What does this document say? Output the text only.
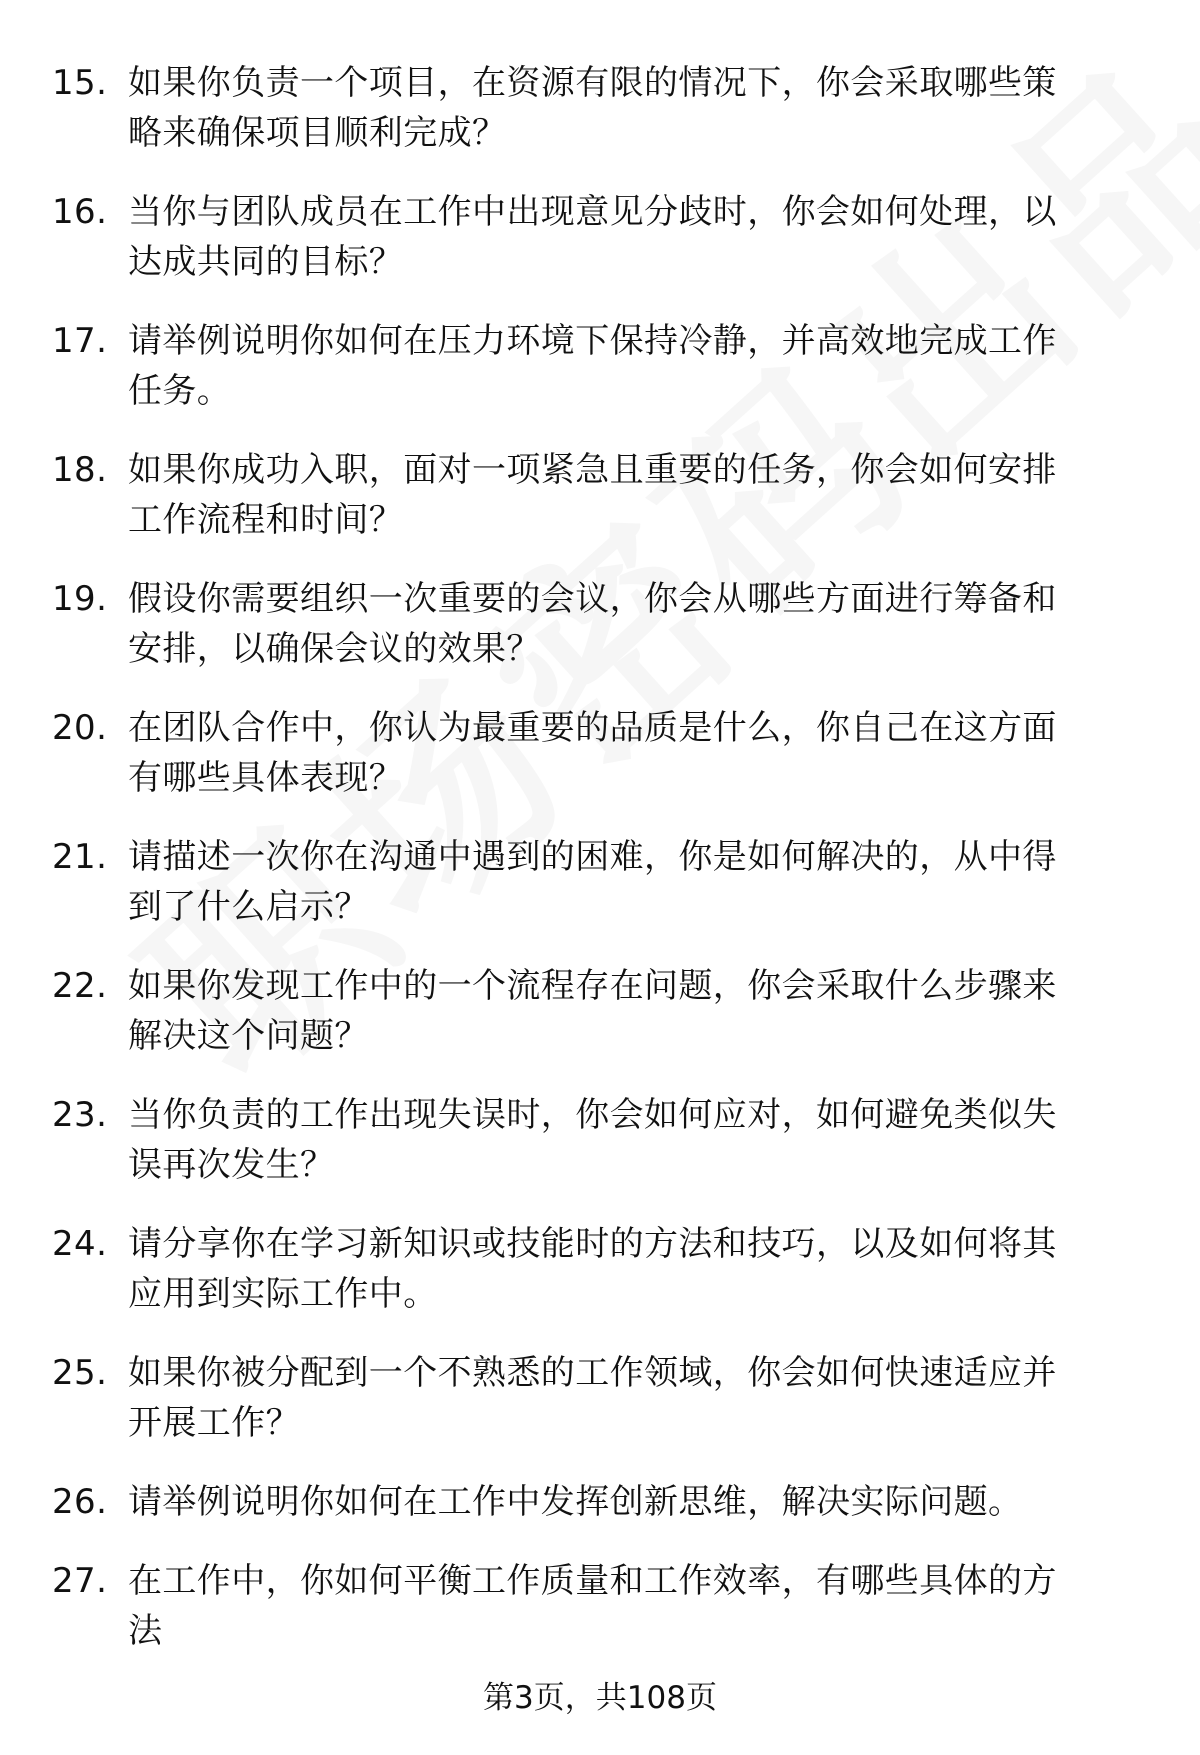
15. 如果你负责一个项目，在资源有限的情况下，你会采取哪些策略来确保项目顺利完成？
16. 当你与团队成员在工作中出现意见分歧时，你会如何处理，以达成共同的目标？
17. 请举例说明你如何在压力环境下保持冷静，并高效地完成工作任务。
18. 如果你成功入职，面对一项紧急且重要的任务，你会如何安排工作流程和时间？
19. 假设你需要组织一次重要的会议，你会从哪些方面进行筹备和安排，以确保会议的效果？
20. 在团队合作中，你认为最重要的品质是什么，你自己在这方面有哪些具体表现？
21. 请描述一次你在沟通中遇到的困难，你是如何解决的，从中得到了什么启示？
22. 如果你发现工作中的一个流程存在问题，你会采取什么步骤来解决这个问题？
23. 当你负责的工作出现失误时，你会如何应对，如何避免类似失误再次发生？
24. 请分享你在学习新知识或技能时的方法和技巧，以及如何将其应用到实际工作中。
25. 如果你被分配到一个不熟悉的工作领域，你会如何快速适应并开展工作？
26. 请举例说明你如何在工作中发挥创新思维，解决实际问题。
27. 在工作中，你如何平衡工作质量和工作效率，有哪些具体的方法
第3页，共108页
